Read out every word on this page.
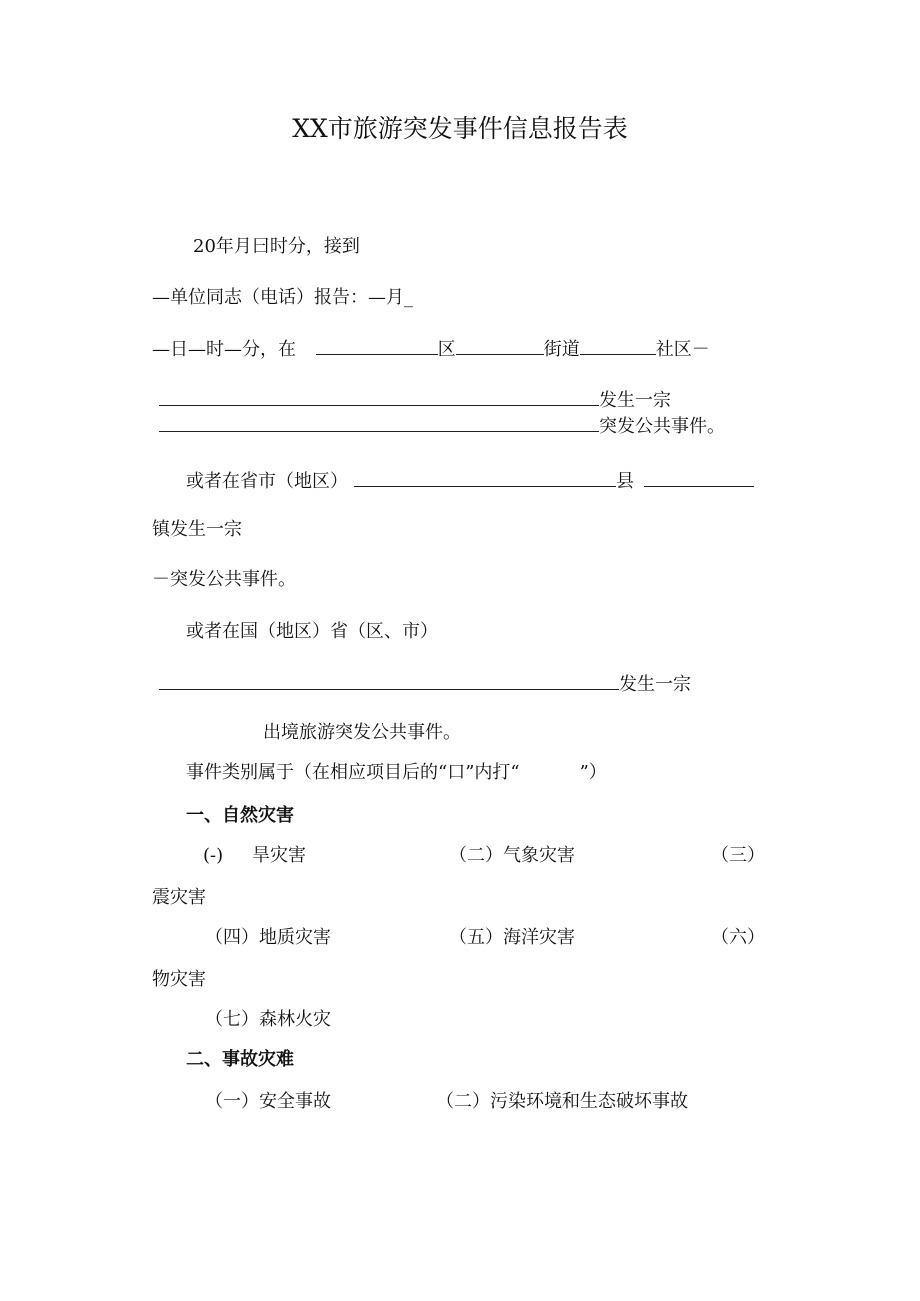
XX市旅游突发事件信息报告表
20年月曰时分，接到
—单位同志（电话）报告：—月_
—日—时—分，在	区	街道	社区－
发生一宗
突发公共事件。
或者在省市（地区）	县
镇发生一宗
－突发公共事件。
或者在国（地区）省（区、市）
发生一宗
出境旅游突发公共事件。
事件类别属于（在相应项目后的“口”内打“	”）
一、自然灾害
(-) 旱灾害	（二）气象灾害	（三）
震灾害
（四）地质灾害	（五）海洋灾害	（六）
物灾害
（七）森林火灾
二、事故灾难
（一）安全事故	（二）污染环境和生态破坏事故
